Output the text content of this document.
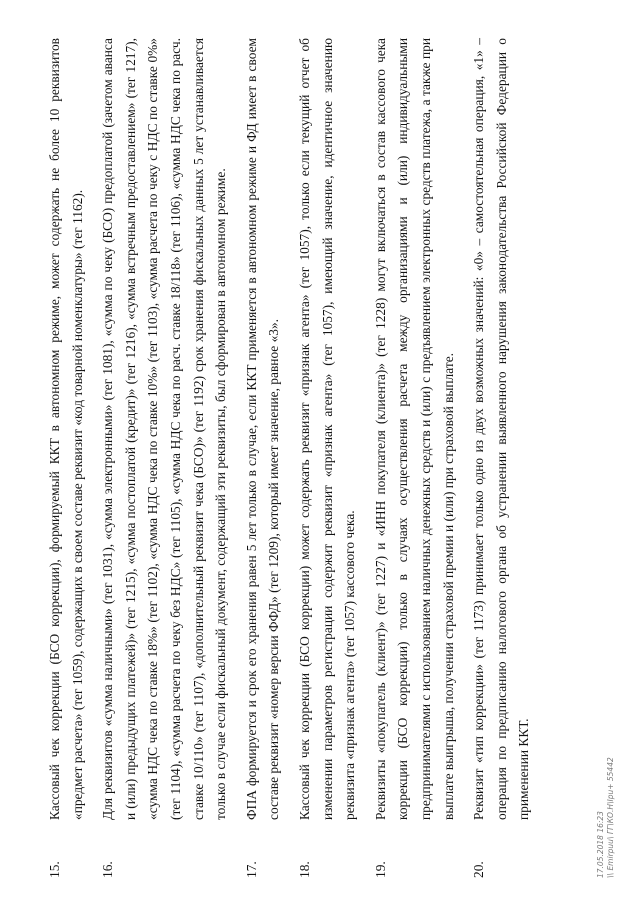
15.
Кассовый чек коррекции (БСО коррекции), формируемый ККТ в автономном режиме, может содержать не более 10 реквизитов «предмет расчета» (тег 1059), содержащих в своем составе реквизит «код товарной номенклатуры» (тег 1162).
16.
Для реквизитов «сумма наличными» (тег 1031), «сумма электронными» (тег 1081), «сумма по чеку (БСО) предоплатой (зачетом аванса и (или) предыдущих платежей)» (тег 1215), «сумма постоплатой (кредит)» (тег 1216), «сумма встречным предоставлением» (тег 1217), «сумма НДС чека по ставке 18%» (тег 1102), «сумма НДС чека по ставке 10%» (тег 1103), «сумма расчета по чеку с НДС по ставке 0%» (тег 1104), «сумма расчета по чеку без НДС» (тег 1105), «сумма НДС чека по расч. ставке 18/118» (тег 1106), «сумма НДС чека по расч. ставке 10/110» (тег 1107), «дополнительный реквизит чека (БСО)» (тег 1192) срок хранения фискальных данных 5 лет устанавливается только в случае если фискальный документ, содержащий эти реквизиты, был сформирован в автономном режиме.
17.
ФПА формируется и срок его хранения равен 5 лет только в случае, если ККТ применяется в автономном режиме и ФД имеет в своем составе реквизит «номер версии ФФД» (тег 1209), который имеет значение, равное «3».
18.
Кассовый чек коррекции (БСО коррекции) может содержать реквизит «признак агента» (тег 1057), только если текущий отчет об изменении параметров регистрации содержит реквизит «признак агента» (тег 1057), имеющий значение, идентичное значению реквизита «признак агента» (тег 1057) кассового чека.
19.
Реквизиты «покупатель (клиент)» (тег 1227) и «ИНН покупателя (клиента)» (тег 1228) могут включаться в состав кассового чека коррекции (БСО коррекции) только в случаях осуществления расчета между организациями и (или) индивидуальными предпринимателями с использованием наличных денежных средств и (или) с предъявлением электронных средств платежа, а также при выплате выигрыша, получении страховой премии и (или) при страховой выплате.
20.
Реквизит «тип коррекции» (тег 1173) принимает только одно из двух возможных значений: «0» – самостоятельная операция, «1» – операция по предписанию налогового органа об устранении выявленного нарушения законодательства Российской Федерации о применении ККТ.
17.05.2018 16:23 \\ Emirpuu\ ГГ\КО.Н\Ipu+ 55442
